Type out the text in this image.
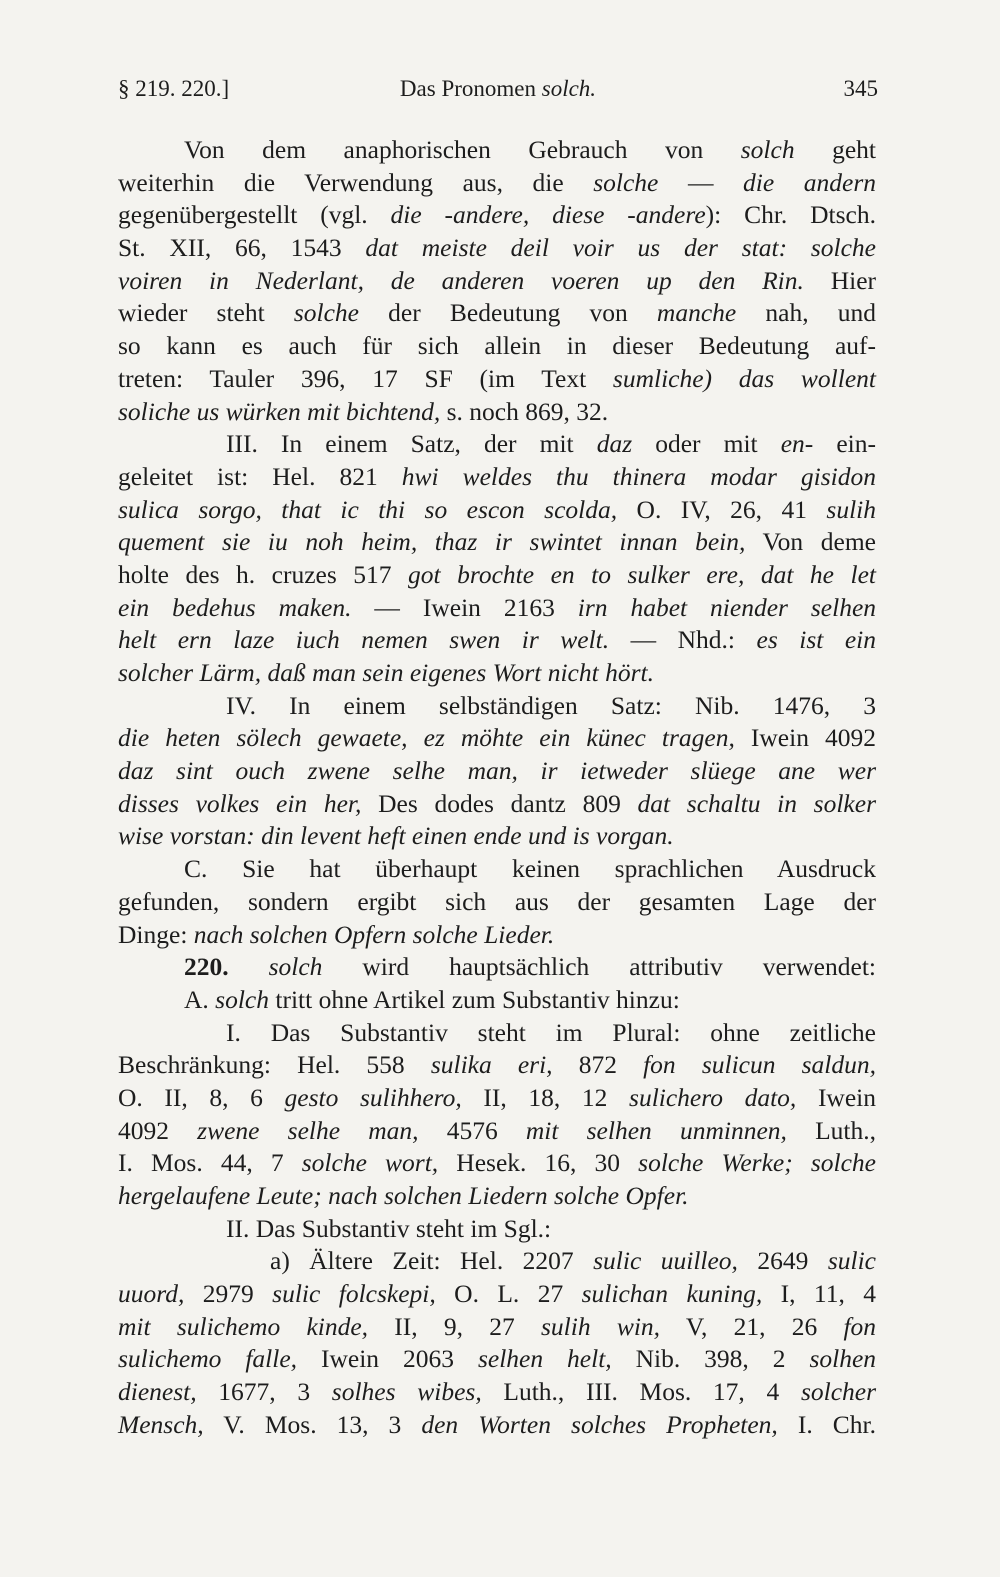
§ 219. 220.]	Das Pronomen solch.	345
Von dem anaphorischen Gebrauch von solch geht
weiterhin die Verwendung aus, die solche — die andern
gegenübergestellt (vgl. die -andere, diese -andere): Chr. Dtsch.
St. XII, 66, 1543 dat meiste deil voir us der stat: solche
voiren in Nederlant, de anderen voeren up den Rin. Hier
wieder steht solche der Bedeutung von manche nah, und
so kann es auch für sich allein in dieser Bedeutung auf-
treten: Tauler 396, 17 SF (im Text sumliche) das wollent
soliche us würken mit bichtend, s. noch 869, 32.
III. In einem Satz, der mit daz oder mit en- ein-
geleitet ist: Hel. 821 hwi weldes thu thinera modar gisidon
sulica sorgo, that ic thi so escon scolda, O. IV, 26, 41 sulih
quement sie iu noh heim, thaz ir swintet innan bein, Von deme
holte des h. cruzes 517 got brochte en to sulker ere, dat he let
ein bedehus maken. — Iwein 2163 irn habet niender selhen
helt ern laze iuch nemen swen ir welt. — Nhd.: es ist ein
solcher Lärm, daß man sein eigenes Wort nicht hört.
IV. In einem selbständigen Satz: Nib. 1476, 3
die heten sölech gewaete, ez möhte ein künec tragen, Iwein 4092
daz sint ouch zwene selhe man, ir ietweder slüege ane wer
disses volkes ein her, Des dodes dantz 809 dat schaltu in solker
wise vorstan: din levent heft einen ende und is vorgan.
C. Sie hat überhaupt keinen sprachlichen Ausdruck
gefunden, sondern ergibt sich aus der gesamten Lage der
Dinge: nach solchen Opfern solche Lieder.
220. solch wird hauptsächlich attributiv verwendet:
A. solch tritt ohne Artikel zum Substantiv hinzu:
I. Das Substantiv steht im Plural: ohne zeitliche
Beschränkung: Hel. 558 sulika eri, 872 fon sulicun saldun,
O. II, 8, 6 gesto sulihhero, II, 18, 12 sulichero dato, Iwein
4092 zwene selhe man, 4576 mit selhen unminnen, Luth.,
I. Mos. 44, 7 solche wort, Hesek. 16, 30 solche Werke; solche
hergelaufene Leute; nach solchen Liedern solche Opfer.
II. Das Substantiv steht im Sgl.:
a) Ältere Zeit: Hel. 2207 sulic uuilleo, 2649 sulic
uuord, 2979 sulic folcskepi, O. L. 27 sulichan kuning, I, 11, 4
mit sulichemo kinde, II, 9, 27 sulih win, V, 21, 26 fon
sulichemo falle, Iwein 2063 selhen helt, Nib. 398, 2 solhen
dienest, 1677, 3 solhes wibes, Luth., III. Mos. 17, 4 solcher
Mensch, V. Mos. 13, 3 den Worten solches Propheten, I. Chr.
